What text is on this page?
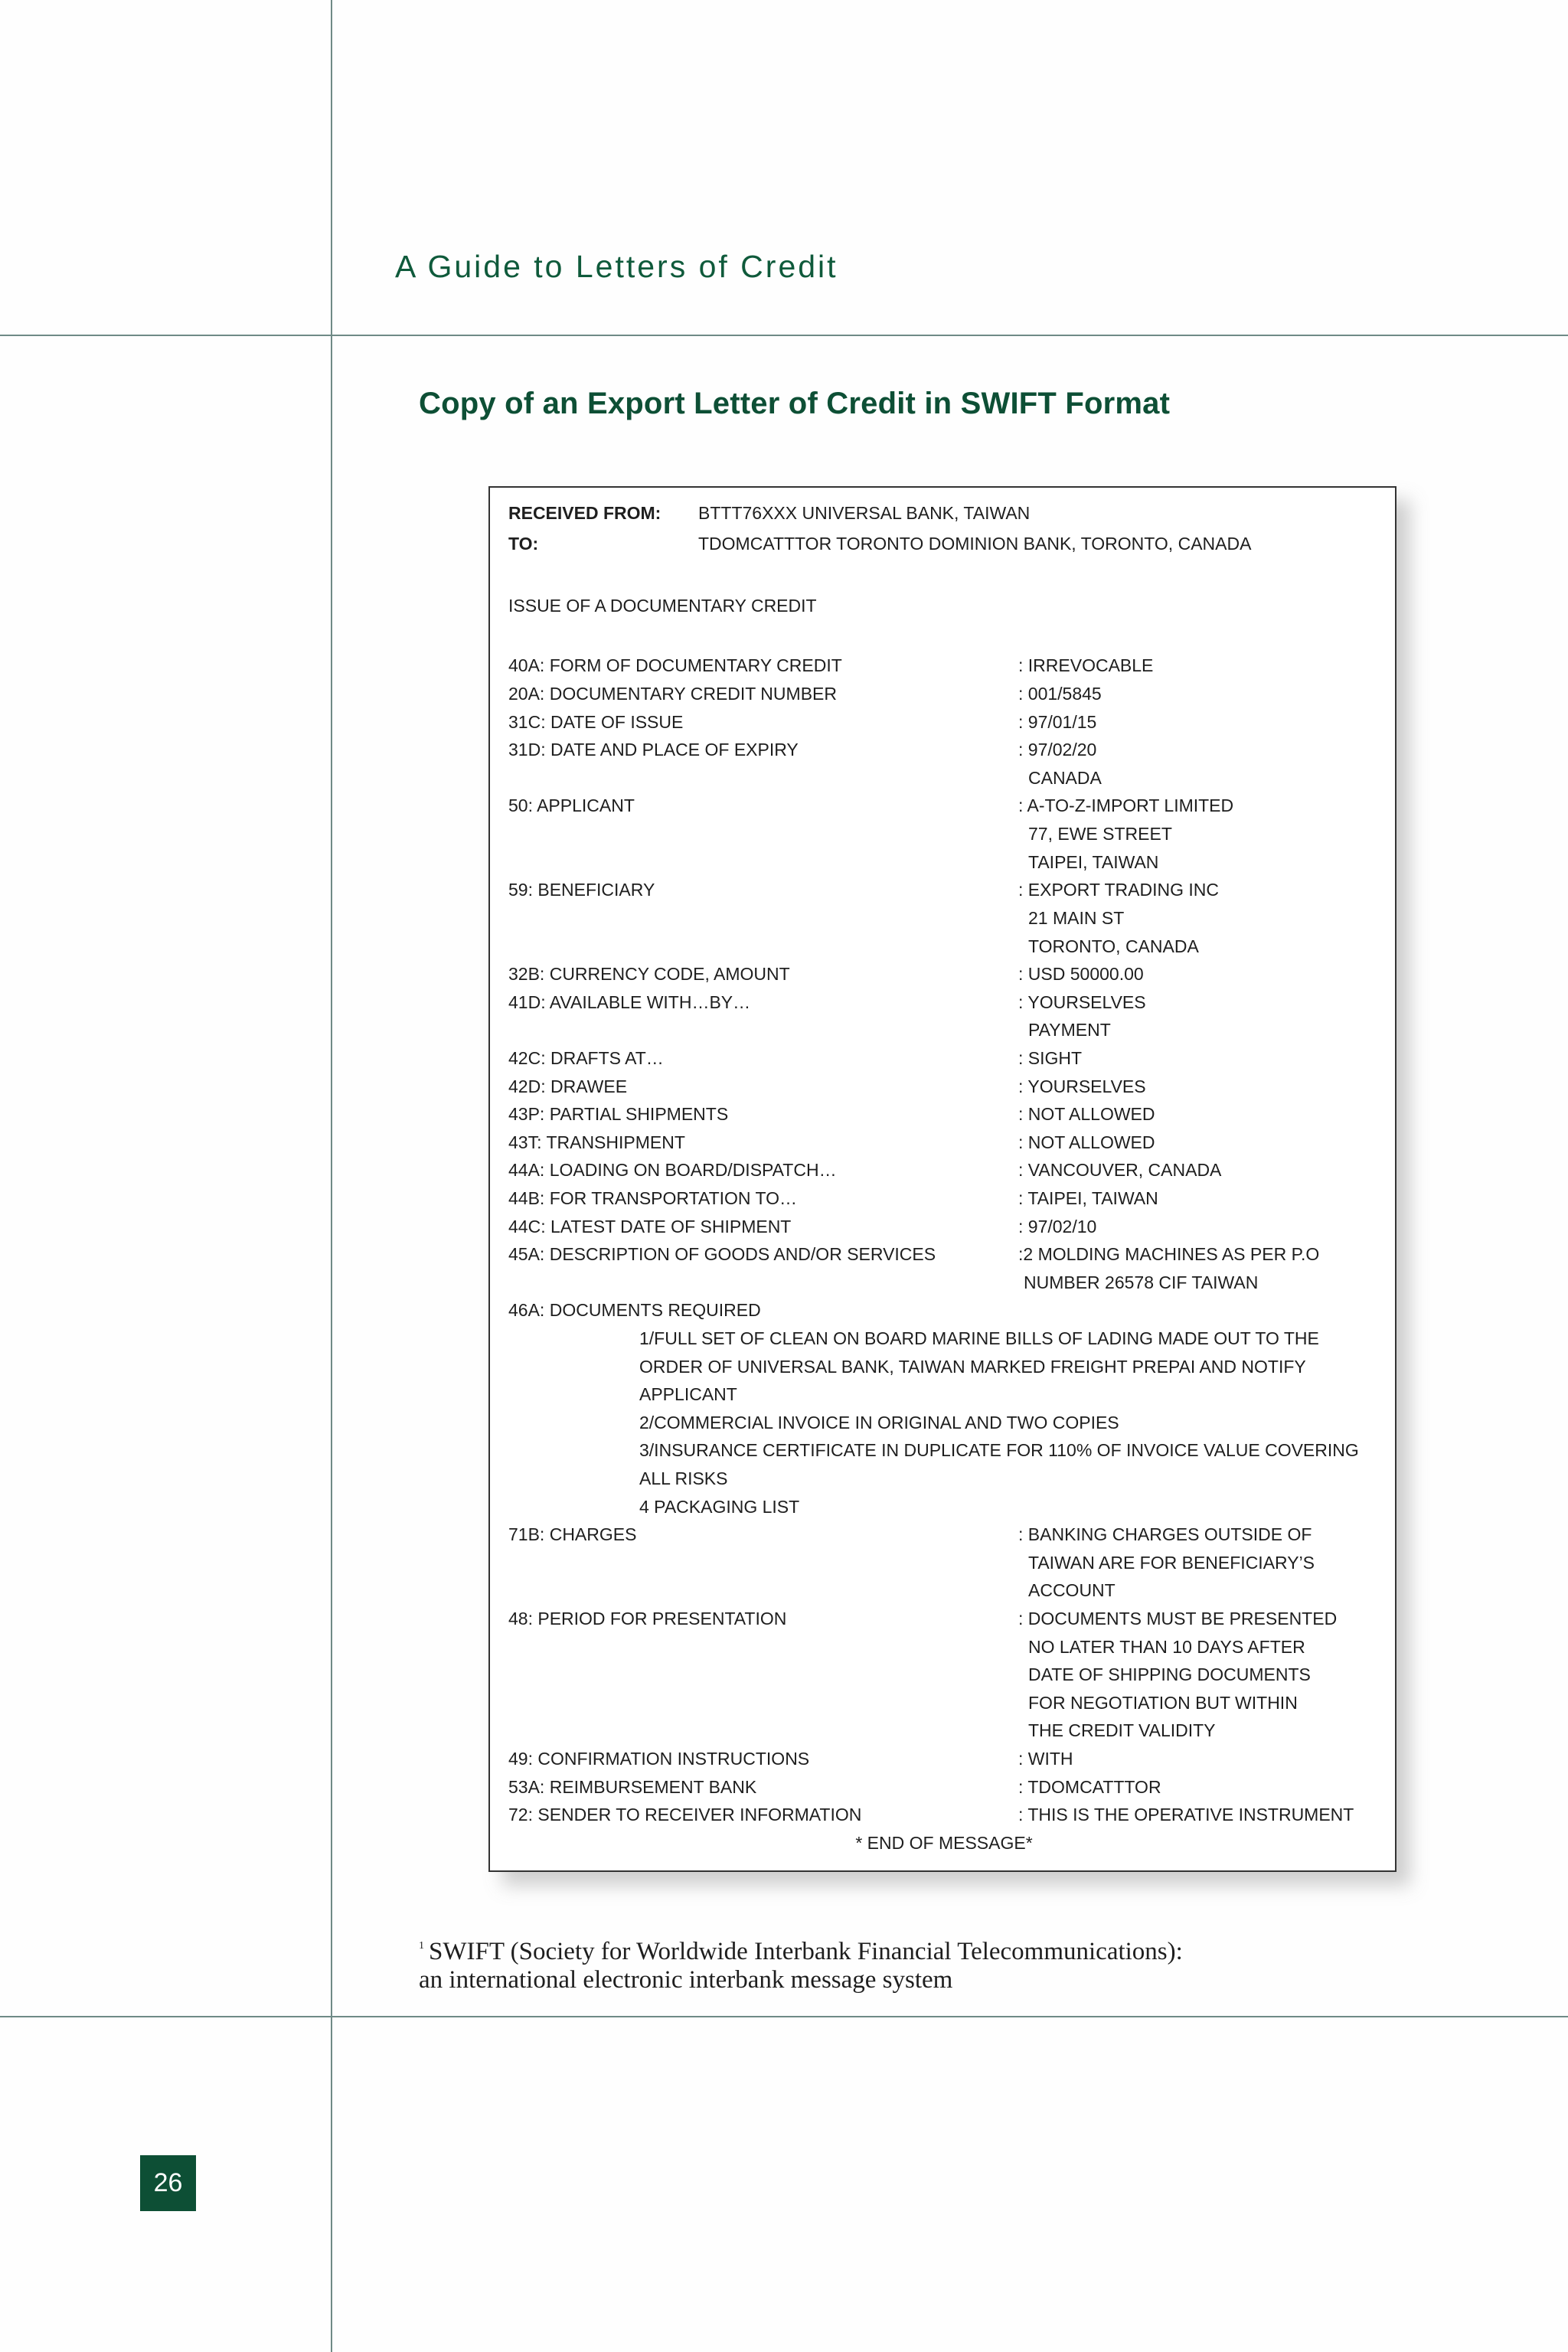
A Guide to Letters of Credit
Copy of an Export Letter of Credit in SWIFT Format
RECEIVED FROM: BTTT76XXX UNIVERSAL BANK, TAIWAN
TO:	TDOMCATTTOR TORONTO DOMINION BANK, TORONTO, CANADA
ISSUE OF A DOCUMENTARY CREDIT
40A: FORM OF DOCUMENTARY CREDIT	: IRREVOCABLE
20A: DOCUMENTARY CREDIT NUMBER	: 001/5845
31C: DATE OF ISSUE	: 97/01/15
31D: DATE AND PLACE OF EXPIRY	: 97/02/20
CANADA
50: APPLICANT	: A-TO-Z-IMPORT LIMITED
77, EWE STREET
TAIPEI, TAIWAN
59: BENEFICIARY	: EXPORT TRADING INC
21 MAIN ST
TORONTO, CANADA
32B: CURRENCY CODE, AMOUNT	: USD 50000.00
41D: AVAILABLE WITH…BY…	: YOURSELVES
PAYMENT
42C: DRAFTS AT…	: SIGHT
42D: DRAWEE	: YOURSELVES
43P: PARTIAL SHIPMENTS	: NOT ALLOWED
43T: TRANSHIPMENT	: NOT ALLOWED
44A: LOADING ON BOARD/DISPATCH…	: VANCOUVER, CANADA
44B: FOR TRANSPORTATION TO…	: TAIPEI, TAIWAN
44C: LATEST DATE OF SHIPMENT	: 97/02/10
45A: DESCRIPTION OF GOODS AND/OR SERVICES	:2 MOLDING MACHINES AS PER P.O
NUMBER 26578 CIF TAIWAN
46A: DOCUMENTS REQUIRED
1/FULL SET OF CLEAN ON BOARD MARINE BILLS OF LADING MADE OUT TO THE
ORDER OF UNIVERSAL BANK, TAIWAN MARKED FREIGHT PREPAI AND NOTIFY
APPLICANT
2/COMMERCIAL INVOICE IN ORIGINAL AND TWO COPIES
3/INSURANCE CERTIFICATE IN DUPLICATE FOR 110% OF INVOICE VALUE COVERING
ALL RISKS
4 PACKAGING LIST
71B: CHARGES	: BANKING CHARGES OUTSIDE OF
TAIWAN ARE FOR BENEFICIARY’S
ACCOUNT
48: PERIOD FOR PRESENTATION	: DOCUMENTS MUST BE PRESENTED
NO LATER THAN 10 DAYS AFTER
DATE OF SHIPPING DOCUMENTS
FOR NEGOTIATION BUT WITHIN
THE CREDIT VALIDITY
49: CONFIRMATION INSTRUCTIONS	: WITH
53A: REIMBURSEMENT BANK	: TDOMCATTTOR
72: SENDER TO RECEIVER INFORMATION	: THIS IS THE OPERATIVE INSTRUMENT
* END OF MESSAGE*
$^1$ SWIFT (Society for Worldwide Interbank Financial Telecommunications):
an international electronic interbank message system
26
